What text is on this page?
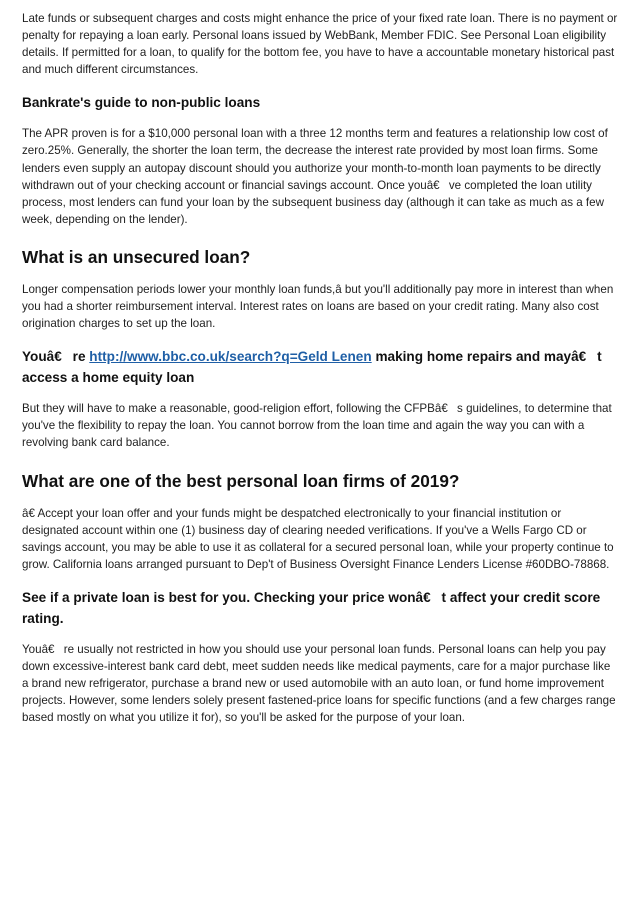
Late funds or subsequent charges and costs might enhance the price of your fixed rate loan. There is no payment or penalty for repaying a loan early. Personal loans issued by WebBank, Member FDIC. See Personal Loan eligibility details. If permitted for a loan, to qualify for the bottom fee, you have to have a accountable monetary historical past and much different circumstances.

Bankrate's guide to non-public loans

The APR proven is for a $10,000 personal loan with a three 12 months term and features a relationship low cost of zero.25%. Generally, the shorter the loan term, the decrease the interest rate provided by most loan firms. Some lenders even supply an autopay discount should you authorize your month-to-month loan payments to be directly withdrawn out of your checking account or financial savings account. Once youâ€ve completed the loan utility process, most lenders can fund your loan by the subsequent business day (although it can take as much as a few week, depending on the lender).

What is an unsecured loan?

Longer compensation periods lower your monthly loan funds,â but you'll additionally pay more in interest than when you had a shorter reimbursement interval. Interest rates on loans are based on your credit rating. Many also cost origination charges to set up the loan.

Youâ€re http://www.bbc.co.uk/search?q=Geld Lenen making home repairs and mayâ€t access a home equity loan

But they will have to make a reasonable, good-religion effort, following the CFPBâ€s guidelines, to determine that you've the flexibility to repay the loan. You cannot borrow from the loan time and again the way you can with a revolving bank card balance.

What are one of the best personal loan firms of 2019?

â€ Accept your loan offer and your funds might be despatched electronically to your financial institution or designated account within one (1) business day of clearing needed verifications. If you've a Wells Fargo CD or savings account, you may be able to use it as collateral for a secured personal loan, while your property continue to grow. California loans arranged pursuant to Dep't of Business Oversight Finance Lenders License #60DBO-78868.

See if a private loan is best for you. Checking your price wonâ€t affect your credit score rating.

Youâ€re usually not restricted in how you should use your personal loan funds. Personal loans can help you pay down excessive-interest bank card debt, meet sudden needs like medical payments, care for a major purchase like a brand new refrigerator, purchase a brand new or used automobile with an auto loan, or fund home improvement projects. However, some lenders solely present fastened-price loans for specific functions (and a few charges range based mostly on what you utilize it for), so you'll be asked for the purpose of your loan.
